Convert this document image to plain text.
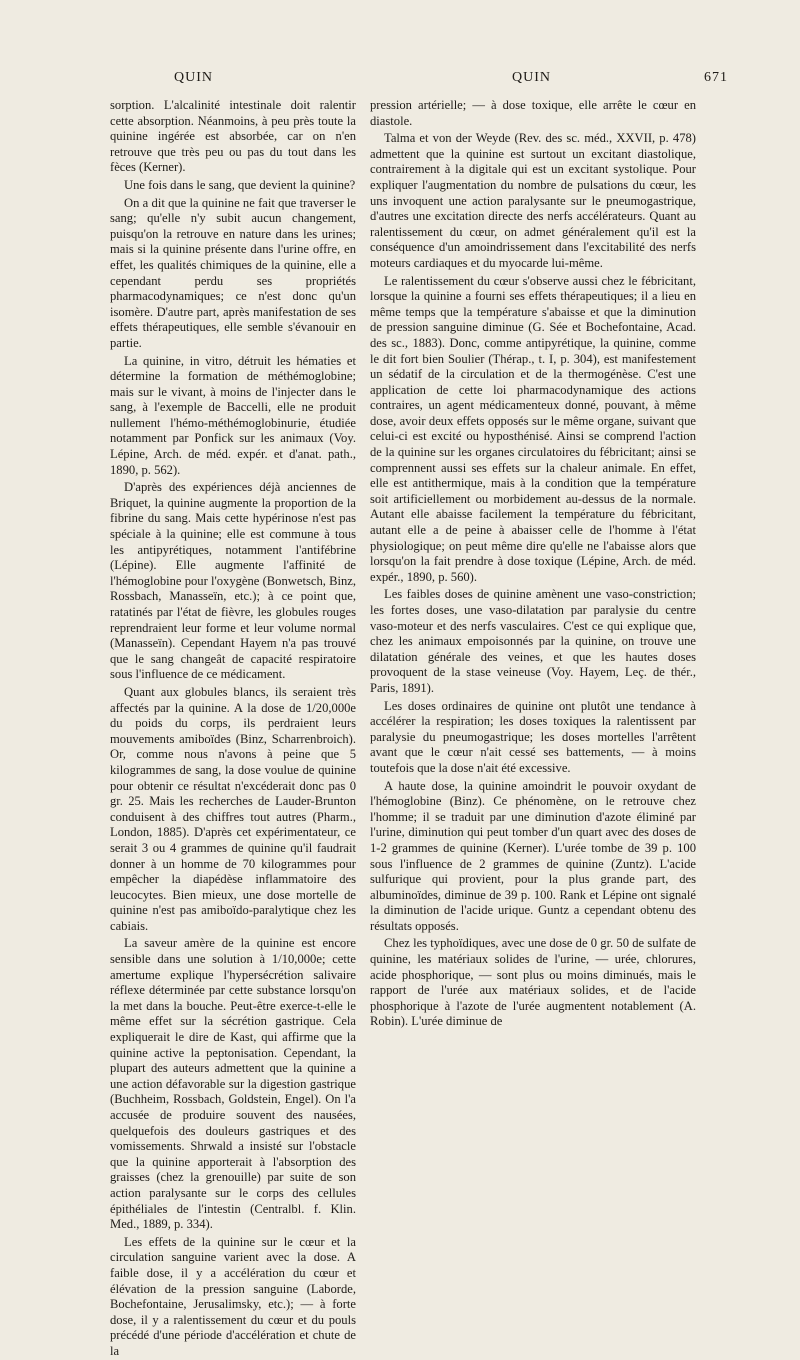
QUIN	QUIN	671

sorption. L'alcalinité intestinale doit ralentir cette absorption. Néanmoins, à peu près toute la quinine ingérée est absorbée, car on n'en retrouve que très peu ou pas du tout dans les fèces (Kerner).

Une fois dans le sang, que devient la quinine?

On a dit que la quinine ne fait que traverser le sang; qu'elle n'y subit aucun changement, puisqu'on la retrouve en nature dans les urines; mais si la quinine présente dans l'urine offre, en effet, les qualités chimiques de la quinine, elle a cependant perdu ses propriétés pharmacodynamiques; ce n'est donc qu'un isomère. D'autre part, après manifestation de ses effets thérapeutiques, elle semble s'évanouir en partie.

La quinine, in vitro, détruit les hématies et détermine la formation de méthémoglobine; mais sur le vivant, à moins de l'injecter dans le sang, à l'exemple de Baccelli, elle ne produit nullement l'hémo-méthémoglobinurie, étudiée notamment par Ponfick sur les animaux (Voy. Lépine, Arch. de méd. expér. et d'anat. path., 1890, p. 562).

D'après des expériences déjà anciennes de Briquet, la quinine augmente la proportion de la fibrine du sang. Mais cette hypérinose n'est pas spéciale à la quinine; elle est commune à tous les antipyrétiques, notamment l'antifébrine (Lépine). Elle augmente l'affinité de l'hémoglobine pour l'oxygène (Bonwetsch, Binz, Rossbach, Manasseïn, etc.); à ce point que, ratatinés par l'état de fièvre, les globules rouges reprendraient leur forme et leur volume normal (Manasseïn). Cependant Hayem n'a pas trouvé que le sang changeât de capacité respiratoire sous l'influence de ce médicament.

Quant aux globules blancs, ils seraient très affectés par la quinine. A la dose de 1/20,000e du poids du corps, ils perdraient leurs mouvements amiboïdes (Binz, Scharrenbroich). Or, comme nous n'avons à peine que 5 kilogrammes de sang, la dose voulue de quinine pour obtenir ce résultat n'excéderait donc pas 0 gr. 25. Mais les recherches de Lauder-Brunton conduisent à des chiffres tout autres (Pharm., London, 1885). D'après cet expérimentateur, ce serait 3 ou 4 grammes de quinine qu'il faudrait donner à un homme de 70 kilogrammes pour empêcher la diapédèse inflammatoire des leucocytes. Bien mieux, une dose mortelle de quinine n'est pas amiboïdo-paralytique chez les cabiais.

La saveur amère de la quinine est encore sensible dans une solution à 1/10,000e; cette amertume explique l'hypersécrétion salivaire réflexe déterminée par cette substance lorsqu'on la met dans la bouche. Peut-être exerce-t-elle le même effet sur la sécrétion gastrique. Cela expliquerait le dire de Kast, qui affirme que la quinine active la peptonisation. Cependant, la plupart des auteurs admettent que la quinine a une action défavorable sur la digestion gastrique (Buchheim, Rossbach, Goldstein, Engel). On l'a accusée de produire souvent des nausées, quelquefois des douleurs gastriques et des vomissements. Shrwald a insisté sur l'obstacle que la quinine apporterait à l'absorption des graisses (chez la grenouille) par suite de son action paralysante sur le corps des cellules épithéliales de l'intestin (Centralbl. f. Klin. Med., 1889, p. 334).

Les effets de la quinine sur le cœur et la circulation sanguine varient avec la dose. A faible dose, il y a accélération du cœur et élévation de la pression sanguine (Laborde, Bochefontaine, Jerusalimsky, etc.); — à forte dose, il y a ralentissement du cœur et du pouls précédé d'une période d'accélération et chute de la

pression artérielle; — à dose toxique, elle arrête le cœur en diastole.

Talma et von der Weyde (Rev. des sc. méd., XXVII, p. 478) admettent que la quinine est surtout un excitant diastolique, contrairement à la digitale qui est un excitant systolique. Pour expliquer l'augmentation du nombre de pulsations du cœur, les uns invoquent une action paralysante sur le pneumogastrique, d'autres une excitation directe des nerfs accélérateurs. Quant au ralentissement du cœur, on admet généralement qu'il est la conséquence d'un amoindrissement dans l'excitabilité des nerfs moteurs cardiaques et du myocarde lui-même.

Le ralentissement du cœur s'observe aussi chez le fébricitant, lorsque la quinine a fourni ses effets thérapeutiques; il a lieu en même temps que la température s'abaisse et que la diminution de pression sanguine diminue (G. Sée et Bochefontaine, Acad. des sc., 1883). Donc, comme antipyrétique, la quinine, comme le dit fort bien Soulier (Thérap., t. I, p. 304), est manifestement un sédatif de la circulation et de la thermogénèse. C'est une application de cette loi pharmacodynamique des actions contraires, un agent médicamenteux donné, pouvant, à même dose, avoir deux effets opposés sur le même organe, suivant que celui-ci est excité ou hyposthénisé. Ainsi se comprend l'action de la quinine sur les organes circulatoires du fébricitant; ainsi se comprennent aussi ses effets sur la chaleur animale. En effet, elle est antithermique, mais à la condition que la température soit artificiellement ou morbidement au-dessus de la normale. Autant elle abaisse facilement la température du fébricitant, autant elle a de peine à abaisser celle de l'homme à l'état physiologique; on peut même dire qu'elle ne l'abaisse alors que lorsqu'on la fait prendre à dose toxique (Lépine, Arch. de méd. expér., 1890, p. 560).

Les faibles doses de quinine amènent une vaso-constriction; les fortes doses, une vaso-dilatation par paralysie du centre vaso-moteur et des nerfs vasculaires. C'est ce qui explique que, chez les animaux empoisonnés par la quinine, on trouve une dilatation générale des veines, et que les hautes doses provoquent de la stase veineuse (Voy. Hayem, Leç. de thér., Paris, 1891).

Les doses ordinaires de quinine ont plutôt une tendance à accélérer la respiration; les doses toxiques la ralentissent par paralysie du pneumogastrique; les doses mortelles l'arrêtent avant que le cœur n'ait cessé ses battements, — à moins toutefois que la dose n'ait été excessive.

A haute dose, la quinine amoindrit le pouvoir oxydant de l'hémoglobine (Binz). Ce phénomène, on le retrouve chez l'homme; il se traduit par une diminution d'azote éliminé par l'urine, diminution qui peut tomber d'un quart avec des doses de 1-2 grammes de quinine (Kerner). L'urée tombe de 39 p. 100 sous l'influence de 2 grammes de quinine (Zuntz). L'acide sulfurique qui provient, pour la plus grande part, des albuminoïdes, diminue de 39 p. 100. Rank et Lépine ont signalé la diminution de l'acide urique. Guntz a cependant obtenu des résultats opposés.

Chez les typhoïdiques, avec une dose de 0 gr. 50 de sulfate de quinine, les matériaux solides de l'urine, — urée, chlorures, acide phosphorique, — sont plus ou moins diminués, mais le rapport de l'urée aux matériaux solides, et de l'acide phosphorique à l'azote de l'urée augmentent notablement (A. Robin). L'urée diminue de
